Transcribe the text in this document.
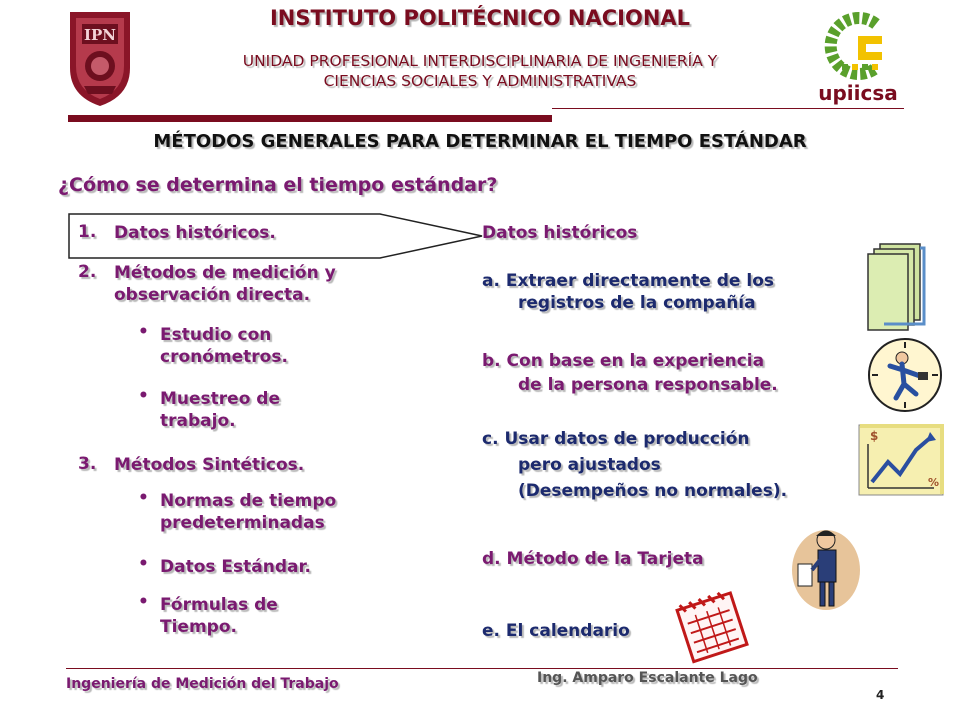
IPN
upiicsa
INSTITUTO POLITÉCNICO NACIONAL
UNIDAD PROFESIONAL INTERDISCIPLINARIA DE INGENIERÍA Y
CIENCIAS SOCIALES Y ADMINISTRATIVAS
MÉTODOS GENERALES PARA DETERMINAR EL TIEMPO ESTÁNDAR
¿Cómo se determina el tiempo estándar?
1. Datos históricos.
2. Métodos de medición y
observación directa.
• Estudio con
cronómetros.
• Muestreo de
trabajo.
3. Métodos Sintéticos.
• Normas de tiempo
predeterminadas
• Datos Estándar.
• Fórmulas de
Tiempo.
Datos históricos
a. Extraer directamente de los
registros de la compañía
b. Con base en la experiencia
de la persona responsable.
c. Usar datos de producción
pero ajustados
(Desempeños no normales).
d. Método de la Tarjeta
e. El calendario
$
%
Ingeniería de Medición del Trabajo	Ing. Amparo Escalante Lago
4
